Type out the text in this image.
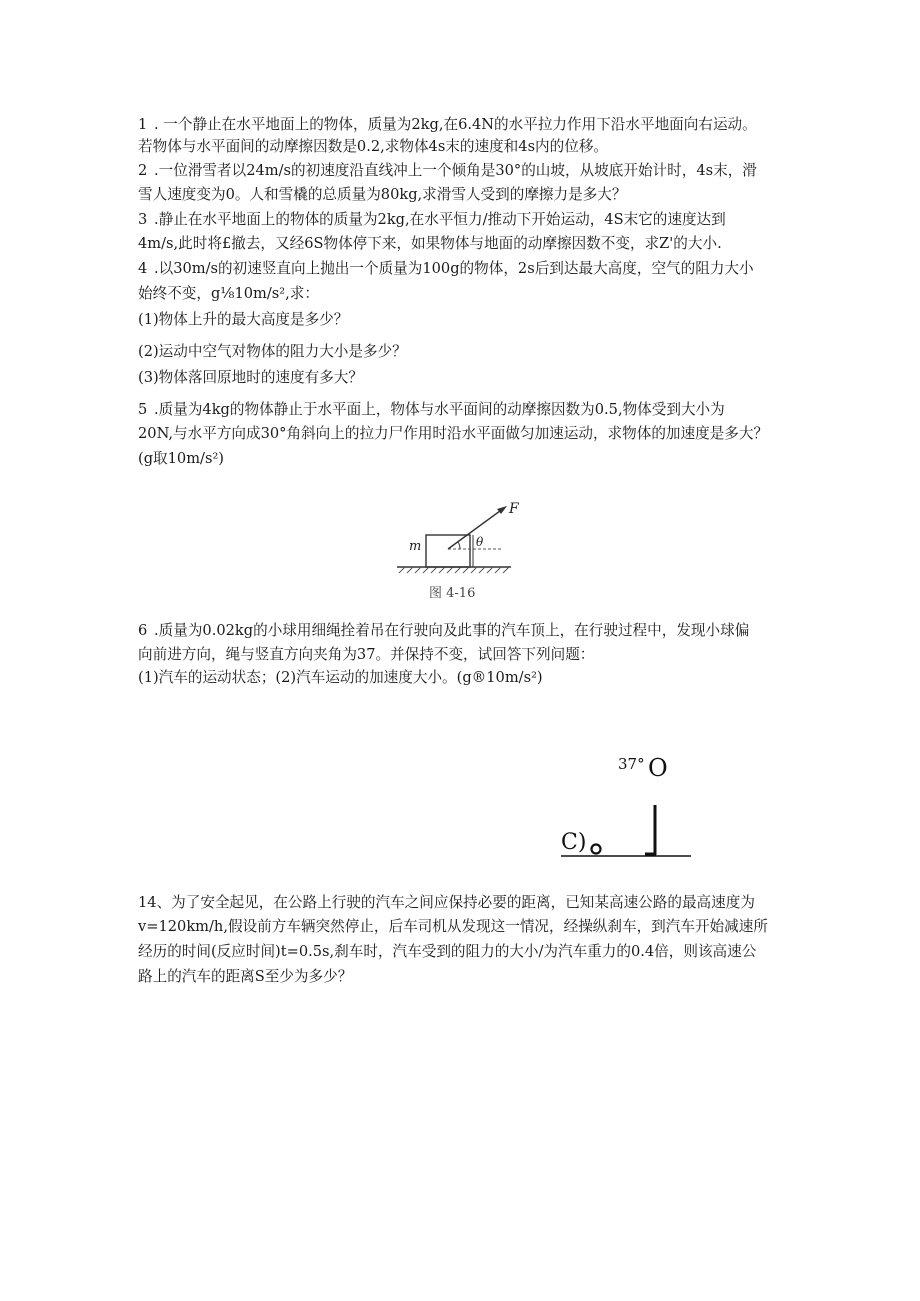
1 . 一个静止在水平地面上的物体，质量为2kg,在6.4N的水平拉力作用下沿水平地面向右运动。
若物体与水平面间的动摩擦因数是0.2,求物体4s末的速度和4s内的位移。
2 .一位滑雪者以24m/s的初速度沿直线冲上一个倾角是30°的山坡，从坡底开始计时，4s末，滑
雪人速度变为0。人和雪橇的总质量为80kg,求滑雪人受到的摩擦力是多大？
3 .静止在水平地面上的物体的质量为2kg,在水平恒力/推动下开始运动，4S末它的速度达到
4m/s,此时将£撤去，又经6S物体停下来，如果物体与地面的动摩擦因数不变，求Z'的大小.
4 .以30m/s的初速竖直向上抛出一个质量为100g的物体，2s后到达最大高度，空气的阻力大小
始终不变，g⅛10m/s²,求：
(1)物体上升的最大高度是多少？
(2)运动中空气对物体的阻力大小是多少？
(3)物体落回原地时的速度有多大？
5 .质量为4kg的物体静止于水平面上，物体与水平面间的动摩擦因数为0.5,物体受到大小为
20N,与水平方向成30°角斜向上的拉力尸作用时沿水平面做匀加速运动，求物体的加速度是多大？
(g取10m/s²)
m
F
θ
图 4-16
6 .质量为0.02kg的小球用细绳拴着吊在行驶向及此事的汽车顶上，在行驶过程中，发现小球偏
向前进方向，绳与竖直方向夹角为37。并保持不变，试回答下列问题：
(1)汽车的运动状态；(2)汽车运动的加速度大小。(g®10m/s²)
37° O
C)
14、为了安全起见，在公路上行驶的汽车之间应保持必要的距离，已知某高速公路的最高速度为
v=120km/h,假设前方车辆突然停止，后车司机从发现这一情况，经操纵刹车，到汽车开始减速所
经历的时间(反应时间)t=0.5s,刹车时，汽车受到的阻力的大小/为汽车重力的0.4倍，则该高速公
路上的汽车的距离S至少为多少？
